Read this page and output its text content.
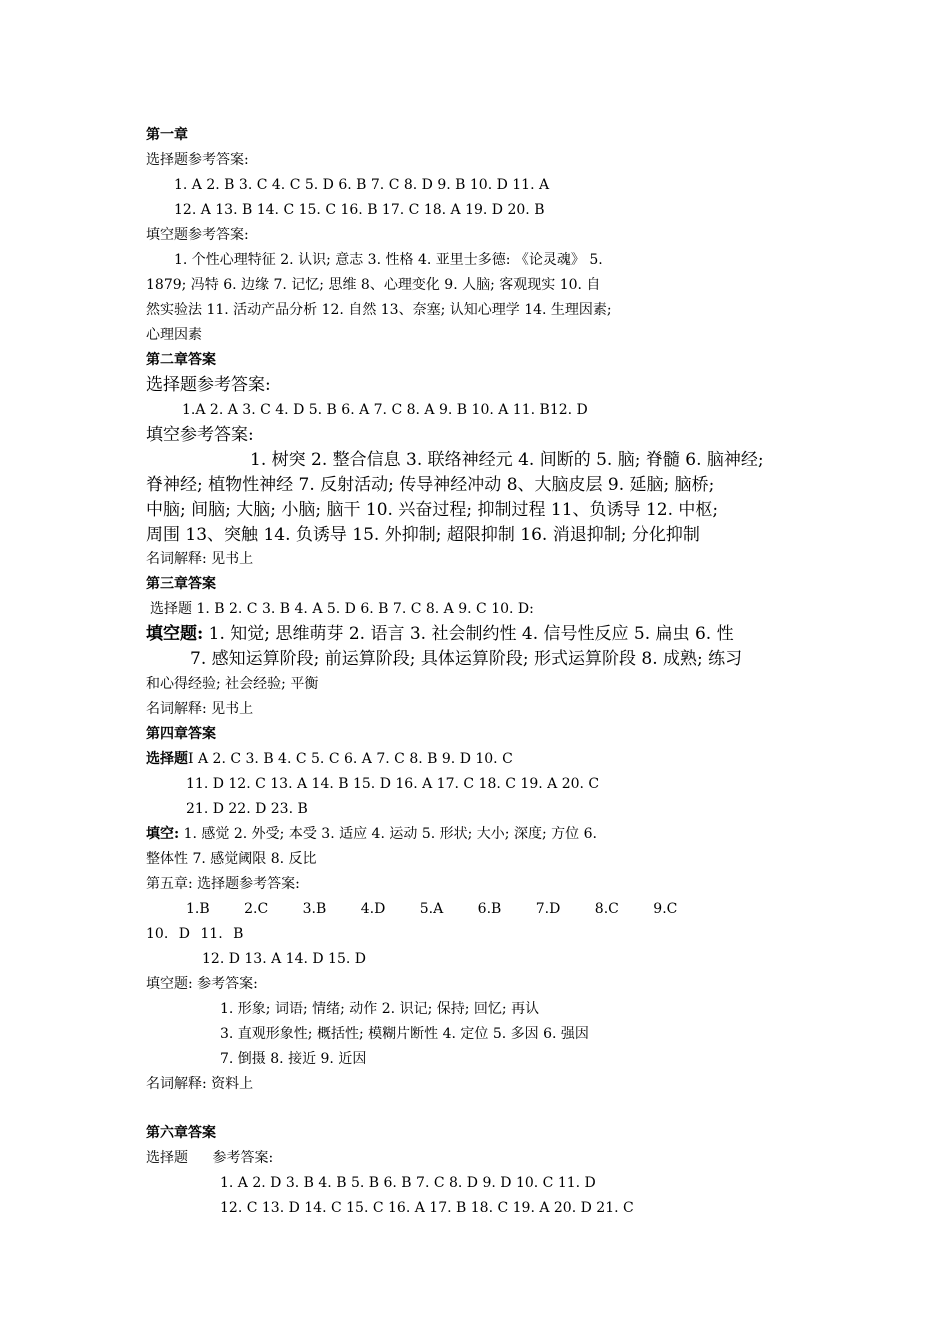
第一章
选择题参考答案:
1. A 2. B 3. C 4. C 5. D 6. B 7. C 8. D 9. B 10. D 11. A
12. A 13. B 14. C 15. C 16. B 17. C 18. A 19. D 20. B
填空题参考答案:
1. 个性心理特征 2. 认识; 意志 3. 性格 4. 亚里士多德: 《论灵魂》 5.
1879; 冯特 6. 边缘 7. 记忆; 思维 8、心理变化 9. 人脑; 客观现实 10. 自
然实验法 11. 活动产品分析 12. 自然 13、奈塞; 认知心理学 14. 生理因素;
心理因素
第二章答案
选择题参考答案:
1.A 2. A 3. C 4. D 5. B 6. A 7. C 8. A 9. B 10. A 11. B12. D
填空参考答案:
1. 树突 2. 整合信息 3. 联络神经元 4. 间断的 5. 脑; 脊髓 6. 脑神经;
脊神经; 植物性神经 7. 反射活动; 传导神经冲动 8、大脑皮层 9. 延脑; 脑桥;
中脑; 间脑; 大脑; 小脑; 脑干 10. 兴奋过程; 抑制过程 11、负诱导 12. 中枢;
周围 13、突触 14. 负诱导 15. 外抑制; 超限抑制 16. 消退抑制; 分化抑制
名词解释: 见书上
第三章答案
选择题 1. B 2. C 3. B 4. A 5. D 6. B 7. C 8. A 9. C 10. D:
填空题: 1. 知觉; 思维萌芽 2. 语言 3. 社会制约性 4. 信号性反应 5. 扁虫 6. 性
7. 感知运算阶段; 前运算阶段; 具体运算阶段; 形式运算阶段 8. 成熟; 练习
和心得经验; 社会经验; 平衡
名词解释: 见书上
第四章答案
选择题I A 2. C 3. B 4. C 5. C 6. A 7. C 8. B 9. D 10. C
11. D 12. C 13. A 14. B 15. D 16. A 17. C 18. C 19. A 20. C
21. D 22. D 23. B
填空: 1. 感觉 2. 外受; 本受 3. 适应 4. 运动 5. 形状; 大小; 深度; 方位 6.
整体性 7. 感觉阈限 8. 反比
第五章: 选择题参考答案:
1.B 2.C 3.B 4.D 5.A 6.B 7.D 8.C 9.C
10. D 11. B
12. D 13. A 14. D 15. D
填空题: 参考答案:
1. 形象; 词语; 情绪; 动作 2. 识记; 保持; 回忆; 再认
3. 直观形象性; 概括性; 模糊片断性 4. 定位 5. 多因 6. 强因
7. 倒摄 8. 接近 9. 近因
名词解释: 资料上
第六章答案
选择题 参考答案:
1. A 2. D 3. B 4. B 5. B 6. B 7. C 8. D 9. D 10. C 11. D
12. C 13. D 14. C 15. C 16. A 17. B 18. C 19. A 20. D 21. C
